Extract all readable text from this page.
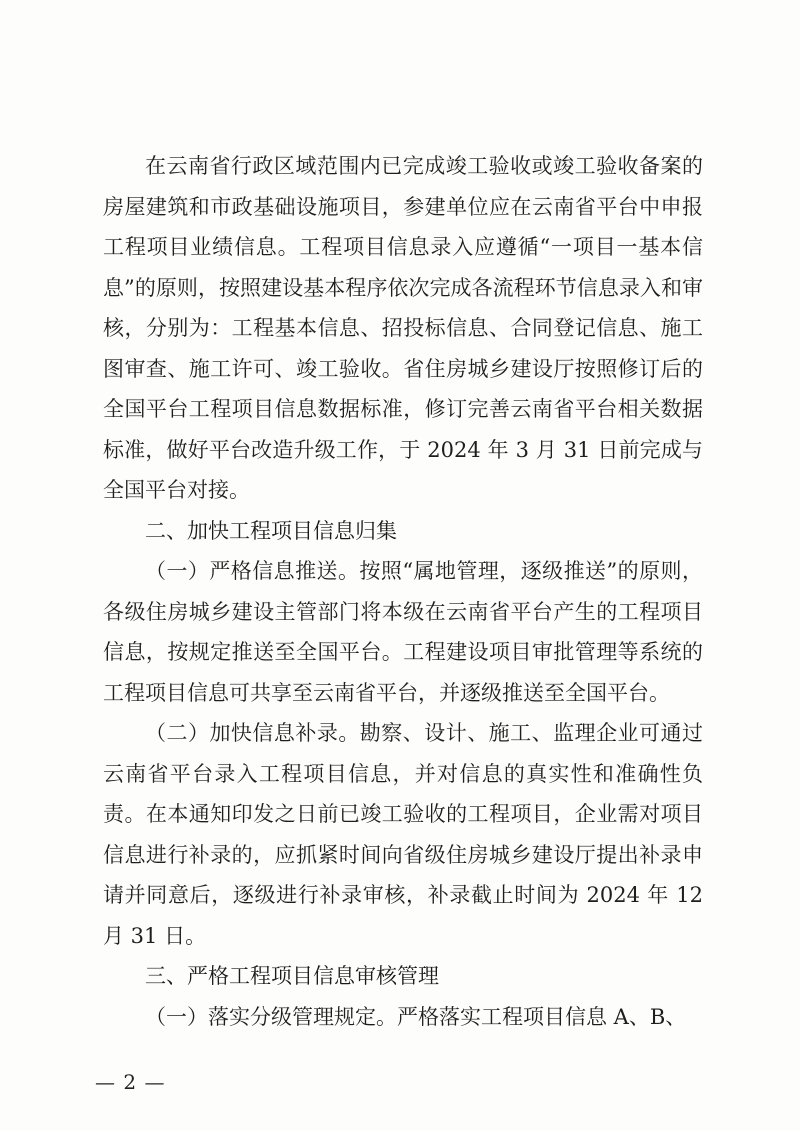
在云南省行政区域范围内已完成竣工验收或竣工验收备案的房屋建筑和市政基础设施项目，参建单位应在云南省平台中申报工程项目业绩信息。工程项目信息录入应遵循“一项目一基本信息”的原则，按照建设基本程序依次完成各流程环节信息录入和审核，分别为：工程基本信息、招投标信息、合同登记信息、施工图审查、施工许可、竣工验收。省住房城乡建设厅按照修订后的全国平台工程项目信息数据标准，修订完善云南省平台相关数据标准，做好平台改造升级工作，于 2024 年 3 月 31 日前完成与全国平台对接。

二、加快工程项目信息归集

（一）严格信息推送。按照“属地管理，逐级推送”的原则，各级住房城乡建设主管部门将本级在云南省平台产生的工程项目信息，按规定推送至全国平台。工程建设项目审批管理等系统的工程项目信息可共享至云南省平台，并逐级推送至全国平台。

（二）加快信息补录。勘察、设计、施工、监理企业可通过云南省平台录入工程项目信息，并对信息的真实性和准确性负责。在本通知印发之日前已竣工验收的工程项目，企业需对项目信息进行补录的，应抓紧时间向省级住房城乡建设厅提出补录申请并同意后，逐级进行补录审核，补录截止时间为 2024 年 12 月 31 日。

三、严格工程项目信息审核管理

（一）落实分级管理规定。严格落实工程项目信息 A、B、

— 2 —
